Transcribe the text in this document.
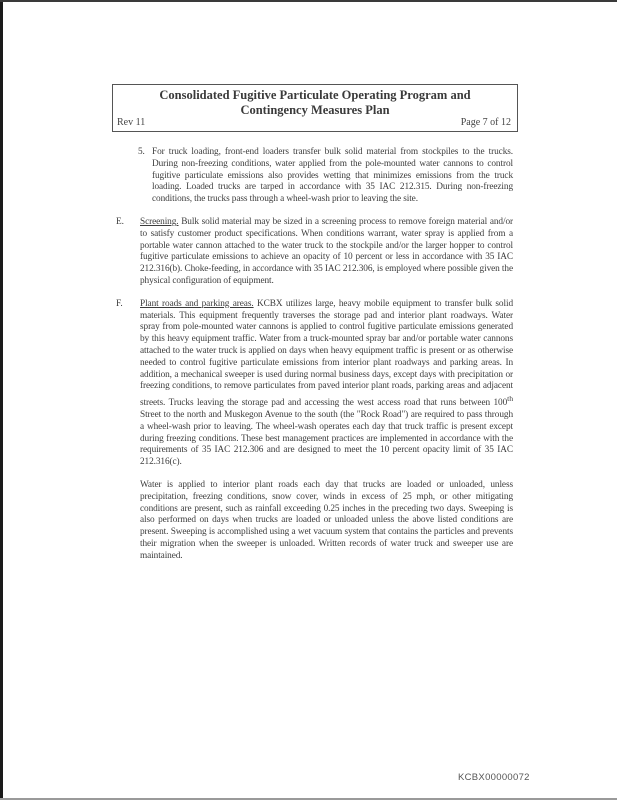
Consolidated Fugitive Particulate Operating Program and
Contingency Measures Plan
Rev 11	Page 7 of 12
5. For truck loading, front-end loaders transfer bulk solid material from stockpiles to the trucks. During non-freezing conditions, water applied from the pole-mounted water cannons to control fugitive particulate emissions also provides wetting that minimizes emissions from the truck loading. Loaded trucks are tarped in accordance with 35 IAC 212.315. During non-freezing conditions, the trucks pass through a wheel-wash prior to leaving the site.
E. Screening. Bulk solid material may be sized in a screening process to remove foreign material and/or to satisfy customer product specifications. When conditions warrant, water spray is applied from a portable water cannon attached to the water truck to the stockpile and/or the larger hopper to control fugitive particulate emissions to achieve an opacity of 10 percent or less in accordance with 35 IAC 212.316(b). Choke-feeding, in accordance with 35 IAC 212.306, is employed where possible given the physical configuration of equipment.
F. Plant roads and parking areas. KCBX utilizes large, heavy mobile equipment to transfer bulk solid materials. This equipment frequently traverses the storage pad and interior plant roadways. Water spray from pole-mounted water cannons is applied to control fugitive particulate emissions generated by this heavy equipment traffic. Water from a truck-mounted spray bar and/or portable water cannons attached to the water truck is applied on days when heavy equipment traffic is present or as otherwise needed to control fugitive particulate emissions from interior plant roadways and parking areas. In addition, a mechanical sweeper is used during normal business days, except days with precipitation or freezing conditions, to remove particulates from paved interior plant roads, parking areas and adjacent streets. Trucks leaving the storage pad and accessing the west access road that runs between 100th Street to the north and Muskegon Avenue to the south (the "Rock Road") are required to pass through a wheel-wash prior to leaving. The wheel-wash operates each day that truck traffic is present except during freezing conditions. These best management practices are implemented in accordance with the requirements of 35 IAC 212.306 and are designed to meet the 10 percent opacity limit of 35 IAC 212.316(c).
Water is applied to interior plant roads each day that trucks are loaded or unloaded, unless precipitation, freezing conditions, snow cover, winds in excess of 25 mph, or other mitigating conditions are present, such as rainfall exceeding 0.25 inches in the preceding two days. Sweeping is also performed on days when trucks are loaded or unloaded unless the above listed conditions are present. Sweeping is accomplished using a wet vacuum system that contains the particles and prevents their migration when the sweeper is unloaded. Written records of water truck and sweeper use are maintained.
KCBX00000072
